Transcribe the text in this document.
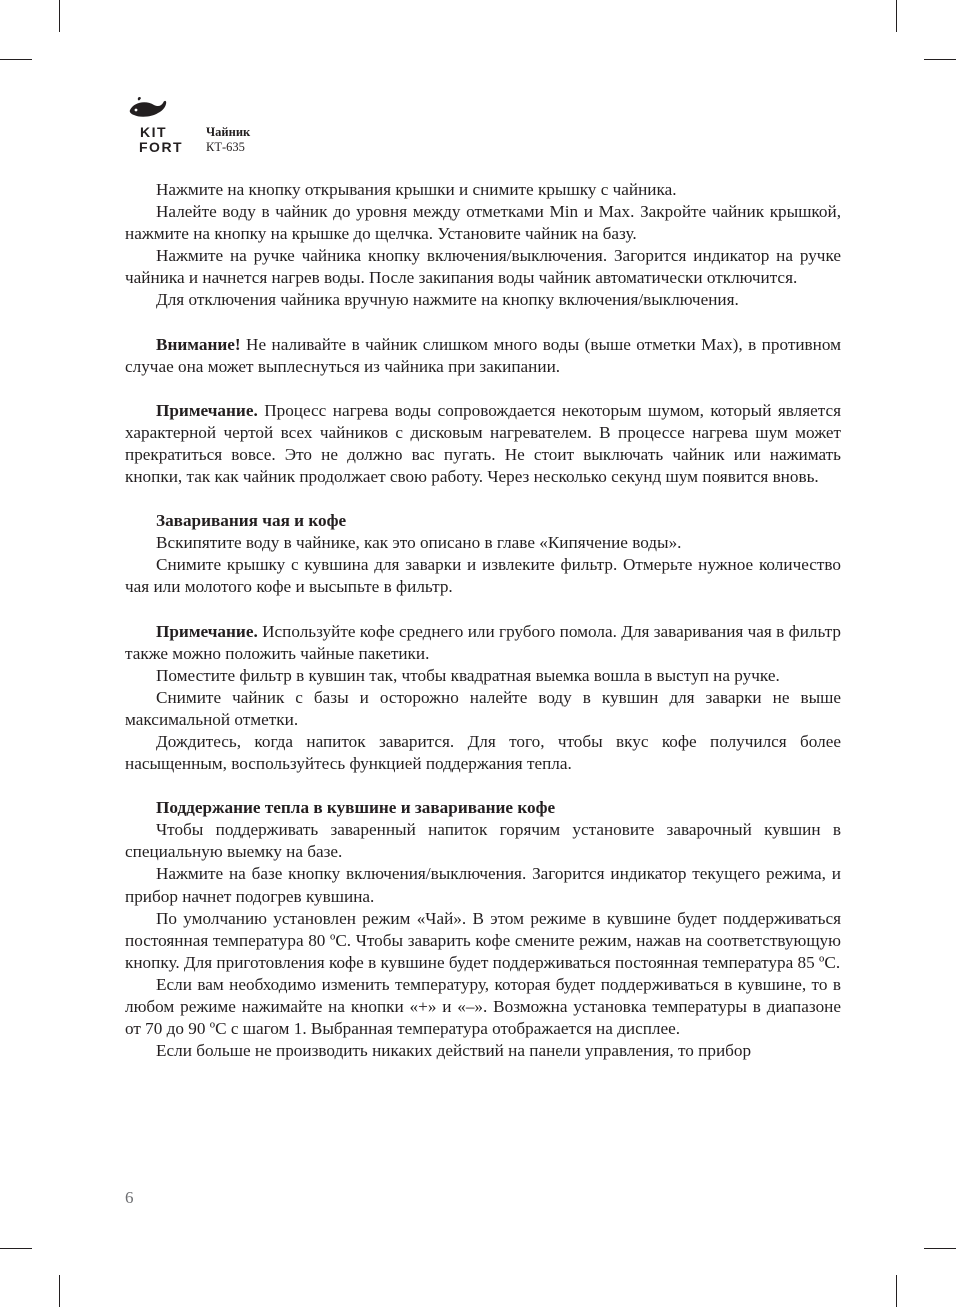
KIT
FORT
Чайник
КТ-635

Нажмите на кнопку открывания крышки и снимите крышку с чайника.

Налейте воду в чайник до уровня между отметками Min и Max. Закройте чайник крышкой, нажмите на кнопку на крышке до щелчка. Установите чайник на базу.

Нажмите на ручке чайника кнопку включения/выключения. Загорится индикатор на ручке чайника и начнется нагрев воды. После закипания воды чайник автоматически отключится.

Для отключения чайника вручную нажмите на кнопку включения/выключения.

Внимание! Не наливайте в чайник слишком много воды (выше отметки Max), в противном случае она может выплеснуться из чайника при закипании.

Примечание. Процесс нагрева воды сопровождается некоторым шумом, который является характерной чертой всех чайников с дисковым нагревателем. В процессе нагрева шум может прекратиться вовсе. Это не должно вас пугать. Не стоит выключать чайник или нажимать кнопки, так как чайник продолжает свою работу. Через несколько секунд шум появится вновь.

Заваривания чая и кофе

Вскипятите воду в чайнике, как это описано в главе «Кипячение воды».

Снимите крышку с кувшина для заварки и извлеките фильтр. Отмерьте нужное количество чая или молотого кофе и высыпьте в фильтр.

Примечание. Используйте кофе среднего или грубого помола. Для заваривания чая в фильтр также можно положить чайные пакетики.

Поместите фильтр в кувшин так, чтобы квадратная выемка вошла в выступ на ручке.

Снимите чайник с базы и осторожно налейте воду в кувшин для заварки не выше максимальной отметки.

Дождитесь, когда напиток заварится. Для того, чтобы вкус кофе получился более насыщенным, воспользуйтесь функцией поддержания тепла.

Поддержание тепла в кувшине и заваривание кофе

Чтобы поддерживать заваренный напиток горячим установите заварочный кувшин в специальную выемку на базе.

Нажмите на базе кнопку включения/выключения. Загорится индикатор текущего режима, и прибор начнет подогрев кувшина.

По умолчанию установлен режим «Чай». В этом режиме в кувшине будет поддерживаться постоянная температура 80 ºС. Чтобы заварить кофе смените режим, нажав на соответствующую кнопку. Для приготовления кофе в кувшине будет поддерживаться постоянная температура 85 ºС.

Если вам необходимо изменить температуру, которая будет поддерживаться в кувшине, то в любом режиме нажимайте на кнопки «+» и «–». Возможна установка температуры в диапазоне от 70 до 90 ºС с шагом 1. Выбранная температура отображается на дисплее.

Если больше не производить никаких действий на панели управления, то прибор

6
